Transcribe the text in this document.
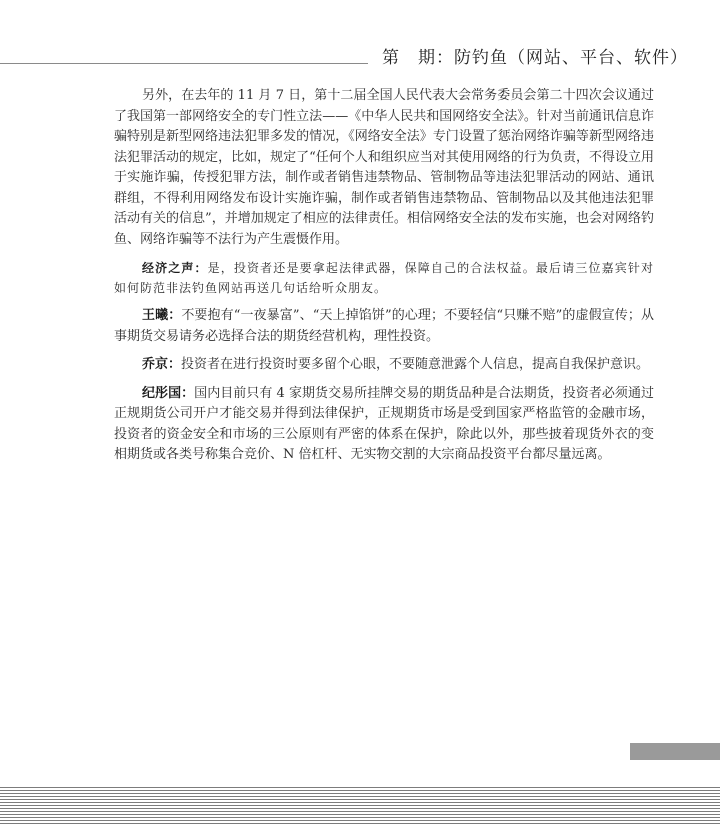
第　期：防钓鱼（网站、平台、软件）

另外，在去年的 11 月 7 日，第十二届全国人民代表大会常务委员会第二十四次会议通过了我国第一部网络安全的专门性立法——《中华人民共和国网络安全法》。针对当前通讯信息诈骗特别是新型网络违法犯罪多发的情况，《网络安全法》专门设置了惩治网络诈骗等新型网络违法犯罪活动的规定，比如，规定了“任何个人和组织应当对其使用网络的行为负责，不得设立用于实施诈骗，传授犯罪方法，制作或者销售违禁物品、管制物品等违法犯罪活动的网站、通讯群组，不得利用网络发布设计实施诈骗，制作或者销售违禁物品、管制物品以及其他违法犯罪活动有关的信息”，并增加规定了相应的法律责任。相信网络安全法的发布实施，也会对网络钓鱼、网络诈骗等不法行为产生震慑作用。

经济之声：是，投资者还是要拿起法律武器，保障自己的合法权益。最后请三位嘉宾针对如何防范非法钓鱼网站再送几句话给听众朋友。

王曦：不要抱有“一夜暴富”、“天上掉馅饼”的心理；不要轻信“只赚不赔”的虚假宣传；从事期货交易请务必选择合法的期货经营机构，理性投资。

乔京：投资者在进行投资时要多留个心眼，不要随意泄露个人信息，提高自我保护意识。

纪彤国：国内目前只有 4 家期货交易所挂牌交易的期货品种是合法期货，投资者必须通过正规期货公司开户才能交易并得到法律保护，正规期货市场是受到国家严格监管的金融市场，投资者的资金安全和市场的三公原则有严密的体系在保护，除此以外，那些披着现货外衣的变相期货或各类号称集合竞价、N 倍杠杆、无实物交割的大宗商品投资平台都尽量远离。
